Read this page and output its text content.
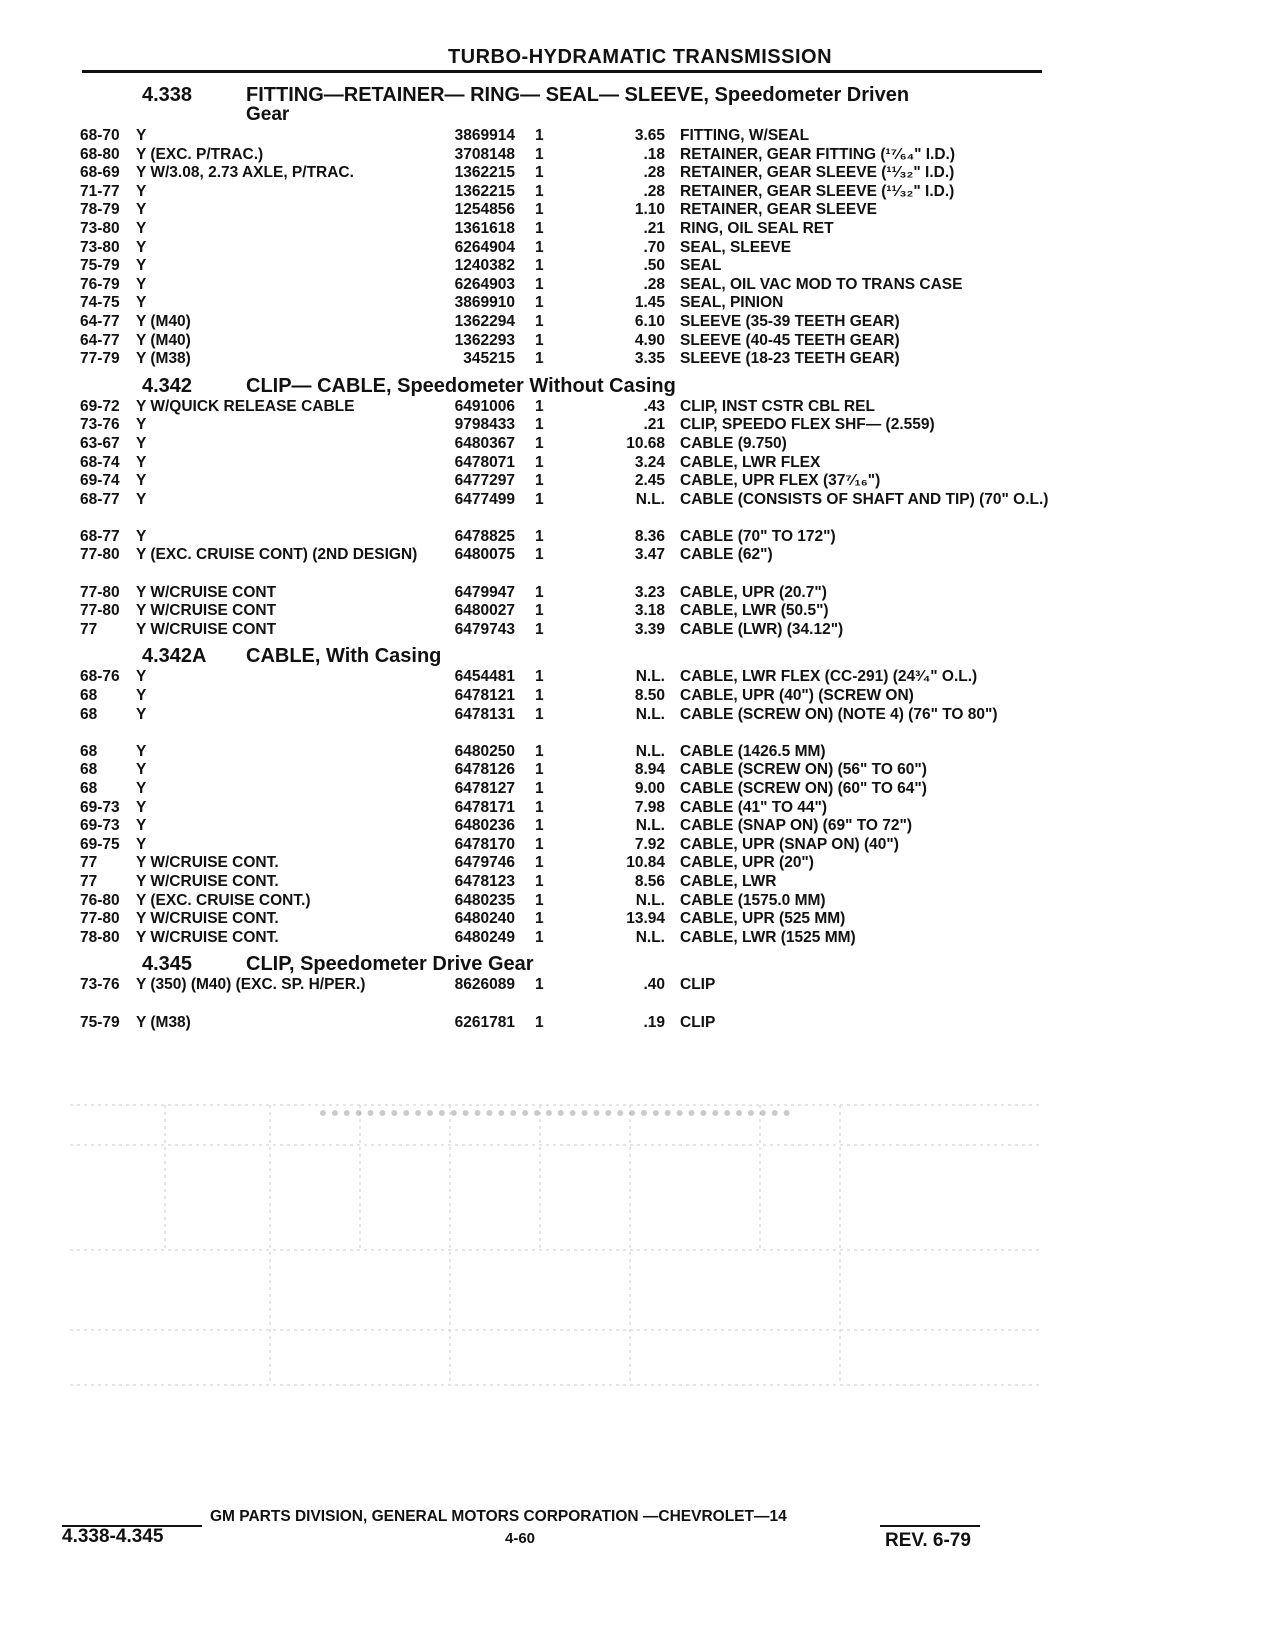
TURBO-HYDRAMATIC TRANSMISSION
4.338	FITTING—RETAINER— RING— SEAL— SLEEVE, Speedometer Driven
Gear
68-70 Y	3869914 1	3.65 FITTING, W/SEAL
68-80 Y (EXC. P/TRAC.)	3708148 1	.18 RETAINER, GEAR FITTING (¹⁷⁄₆₄" I.D.)
68-69 Y W/3.08, 2.73 AXLE, P/TRAC.	1362215 1	.28 RETAINER, GEAR SLEEVE (¹¹⁄₃₂" I.D.)
71-77 Y	1362215 1	.28 RETAINER, GEAR SLEEVE (¹¹⁄₃₂" I.D.)
78-79 Y	1254856 1	1.10 RETAINER, GEAR SLEEVE
73-80 Y	1361618 1	.21 RING, OIL SEAL RET
73-80 Y	6264904 1	.70 SEAL, SLEEVE
75-79 Y	1240382 1	.50 SEAL
76-79 Y	6264903 1	.28 SEAL, OIL VAC MOD TO TRANS CASE
74-75 Y	3869910 1	1.45 SEAL, PINION
64-77 Y (M40)	1362294 1	6.10 SLEEVE (35-39 TEETH GEAR)
64-77 Y (M40)	1362293 1	4.90 SLEEVE (40-45 TEETH GEAR)
77-79 Y (M38)	345215 1	3.35 SLEEVE (18-23 TEETH GEAR)
4.342	CLIP— CABLE, Speedometer Without Casing
69-72 Y W/QUICK RELEASE CABLE	6491006 1	.43 CLIP, INST CSTR CBL REL
73-76 Y	9798433 1	.21 CLIP, SPEEDO FLEX SHF— (2.559)
63-67 Y	6480367 1	10.68 CABLE (9.750)
68-74 Y	6478071 1	3.24 CABLE, LWR FLEX
69-74 Y	6477297 1	2.45 CABLE, UPR FLEX (37⁷⁄₁₆")
68-77 Y	6477499 1	N.L. CABLE (CONSISTS OF SHAFT AND TIP) (70" O.L.)
68-77 Y	6478825 1	8.36 CABLE (70" TO 172")
77-80 Y (EXC. CRUISE CONT) (2ND DESIGN)	6480075 1	3.47 CABLE (62")
77-80 Y W/CRUISE CONT	6479947 1	3.23 CABLE, UPR (20.7")
77-80 Y W/CRUISE CONT	6480027 1	3.18 CABLE, LWR (50.5")
77	Y W/CRUISE CONT	6479743 1	3.39 CABLE (LWR) (34.12")
4.342A CABLE, With Casing
68-76 Y	6454481 1	N.L. CABLE, LWR FLEX (CC-291) (24³⁄₄" O.L.)
68	Y	6478121 1	8.50 CABLE, UPR (40") (SCREW ON)
68	Y	6478131 1	N.L. CABLE (SCREW ON) (NOTE 4) (76" TO 80")
68	Y	6480250 1	N.L. CABLE (1426.5 MM)
68	Y	6478126 1	8.94 CABLE (SCREW ON) (56" TO 60")
68	Y	6478127 1	9.00 CABLE (SCREW ON) (60" TO 64")
69-73 Y	6478171 1	7.98 CABLE (41" TO 44")
69-73 Y	6480236 1	N.L. CABLE (SNAP ON) (69" TO 72")
69-75 Y	6478170 1	7.92 CABLE, UPR (SNAP ON) (40")
77	Y W/CRUISE CONT.	6479746 1	10.84 CABLE, UPR (20")
77	Y W/CRUISE CONT.	6478123 1	8.56 CABLE, LWR
76-80 Y (EXC. CRUISE CONT.)	6480235 1	N.L. CABLE (1575.0 MM)
77-80 Y W/CRUISE CONT.	6480240 1	13.94 CABLE, UPR (525 MM)
78-80 Y W/CRUISE CONT.	6480249 1	N.L. CABLE, LWR (1525 MM)
4.345	CLIP, Speedometer Drive Gear
73-76 Y (350) (M40) (EXC. SP. H/PER.)	8626089 1	.40 CLIP
75-79 Y (M38)	6261781 1	.19 CLIP
GM PARTS DIVISION, GENERAL MOTORS CORPORATION —CHEVROLET—14
4.338-4.345	4-60	REV. 6-79
